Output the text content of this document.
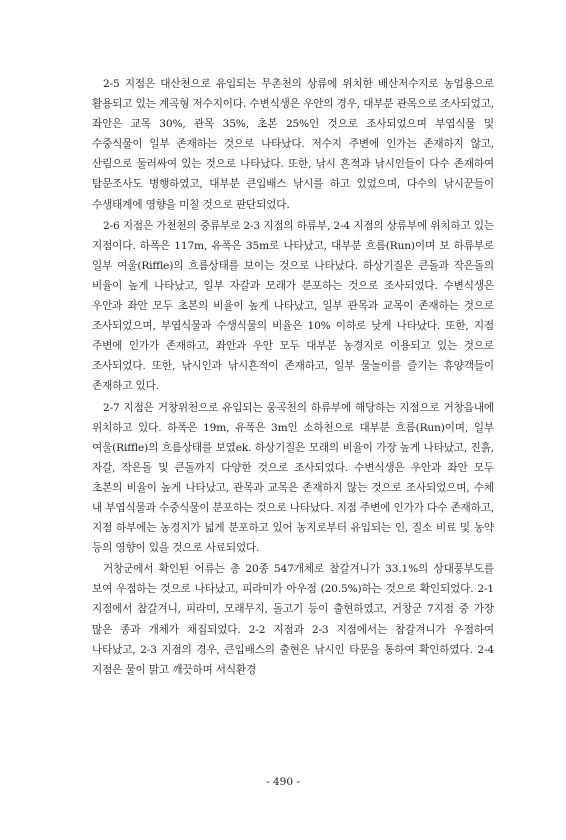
2-5 지점은 대산천으로 유입되는 무촌천의 상류에 위치한 배산저수지로 농업용으로 활용되고 있는 계곡형 저수지이다. 수변식생은 우안의 경우, 대부분 관목으로 조사되었고, 좌안은 교목 30%, 관목 35%, 초본 25%인 것으로 조사되었으며 부엽식물 및 수중식물이 일부 존재하는 것으로 나타났다. 저수지 주변에 인가는 존재하지 않고, 산림으로 둘러싸여 있는 것으로 나타났다. 또한, 낚시 흔적과 낚시인들이 다수 존재하여 탐문조사도 병행하였고, 대부분 큰입배스 낚시를 하고 있었으며, 다수의 낚시꾼들이 수생태계에 영향을 미칠 것으로 판단되었다.

2-6 지점은 가천천의 중류부로 2-3 지점의 하류부, 2-4 지점의 상류부에 위치하고 있는 지점이다. 하폭은 117m, 유폭은 35m로 나타났고, 대부분 흐름(Run)이며 보 하류부로 일부 여울(Riffle)의 흐름상태를 보이는 것으로 나타났다. 하상기질은 큰돌과 작은돌의 비율이 높게 나타났고, 일부 자갈과 모래가 분포하는 것으로 조사되었다. 수변식생은 우안과 좌안 모두 초본의 비율이 높게 나타났고, 일부 관목과 교목이 존재하는 것으로 조사되었으며, 부엽식물과 수생식물의 비율은 10% 이하로 낮게 나타났다. 또한, 지점 주변에 인가가 존재하고, 좌안과 우안 모두 대부분 농경지로 이용되고 있는 것으로 조사되었다. 또한, 낚시인과 낚시흔적이 존재하고, 일부 물놀이를 즐기는 휴양객들이 존재하고 있다.

2-7 지점은 거창위천으로 유입되는 웅곡천의 하류부에 해당하는 지점으로 거창읍내에 위치하고 있다. 하폭은 19m, 유폭은 3m인 소하천으로 대부분 흐름(Run)이며, 일부 여울(Riffle)의 흐름상태를 보였ek. 하상기질은 모래의 비율이 가장 높게 나타났고, 진흙, 자갈, 작은돌 및 큰돌까지 다양한 것으로 조사되었다. 수변식생은 우안과 좌안 모두 초본의 비율이 높게 나타났고, 관목과 교목은 존재하지 않는 것으로 조사되었으며, 수체 내 부엽식물과 수중식물이 분포하는 것으로 나타났다. 지점 주변에 인가가 다수 존재하고, 지점 하부에는 농경지가 넓게 분포하고 있어 농지로부터 유입되는 인, 질소 비료 및 농약 등의 영향이 있을 것으로 사료되었다.

거창군에서 확인된 어류는 총 20종 547개체로 참갈겨니가 33.1%의 상대풍부도를 보여 우점하는 것으로 나타났고, 피라미가 아우점 (20.5%)하는 것으로 확인되었다. 2-1 지점에서 참갈겨니, 피라미, 모래무지, 돌고기 등이 출현하였고, 거창군 7지점 중 가장 많은 종과 개체가 채집되었다. 2-2 지점과 2-3 지점에서는 참갈겨니가 우점하여 나타났고, 2-3 지점의 경우, 큰입배스의 출현은 낚시인 타문을 통하여 확인하였다. 2-4 지점은 물이 맑고 깨끗하며 서식환경

- 490 -
